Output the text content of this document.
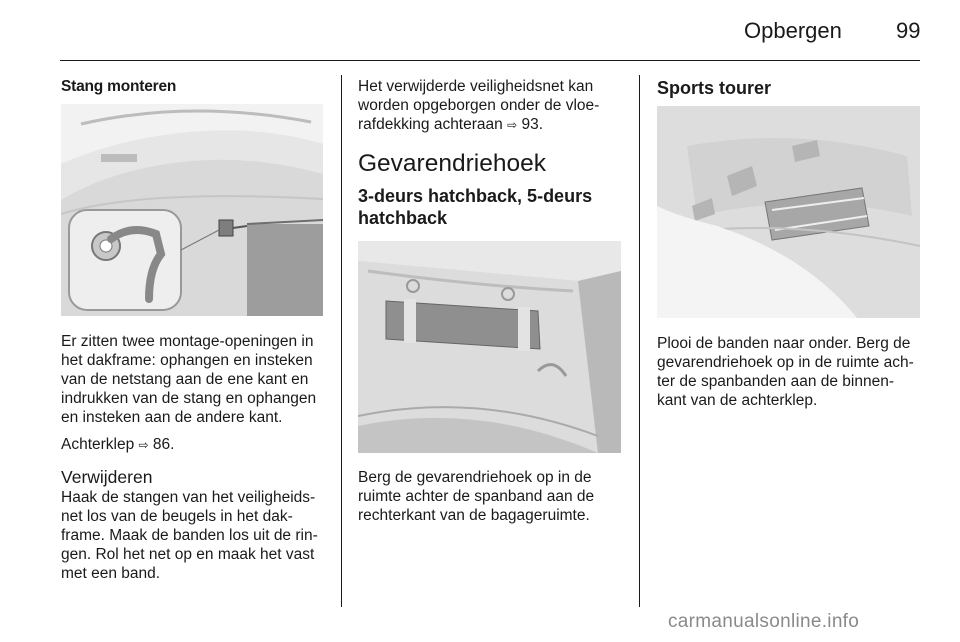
Opbergen 99

Stang monteren

Er zitten twee montage-openingen in

het dakframe: ophangen en insteken

van de netstang aan de ene kant en

indrukken van de stang en ophangen

en insteken aan de andere kant.

Achterklep ⇨ 86.

Verwijderen

Haak de stangen van het veiligheids-

net los van de beugels in het dak-

frame. Maak de banden los uit de rin-

gen. Rol het net op en maak het vast

met een band.

Het verwijderde veiligheidsnet kan

worden opgeborgen onder de vloe-

rafdekking achteraan ⇨ 93.

Gevarendriehoek

3-deurs hatchback, 5-deurs

hatchback

Berg de gevarendriehoek op in de

ruimte achter de spanband aan de

rechterkant van de bagageruimte.

Sports tourer

Plooi de banden naar onder. Berg de

gevarendriehoek op in de ruimte ach-

ter de spanbanden aan de binnen-

kant van de achterklep.

carmanualsonline.info
